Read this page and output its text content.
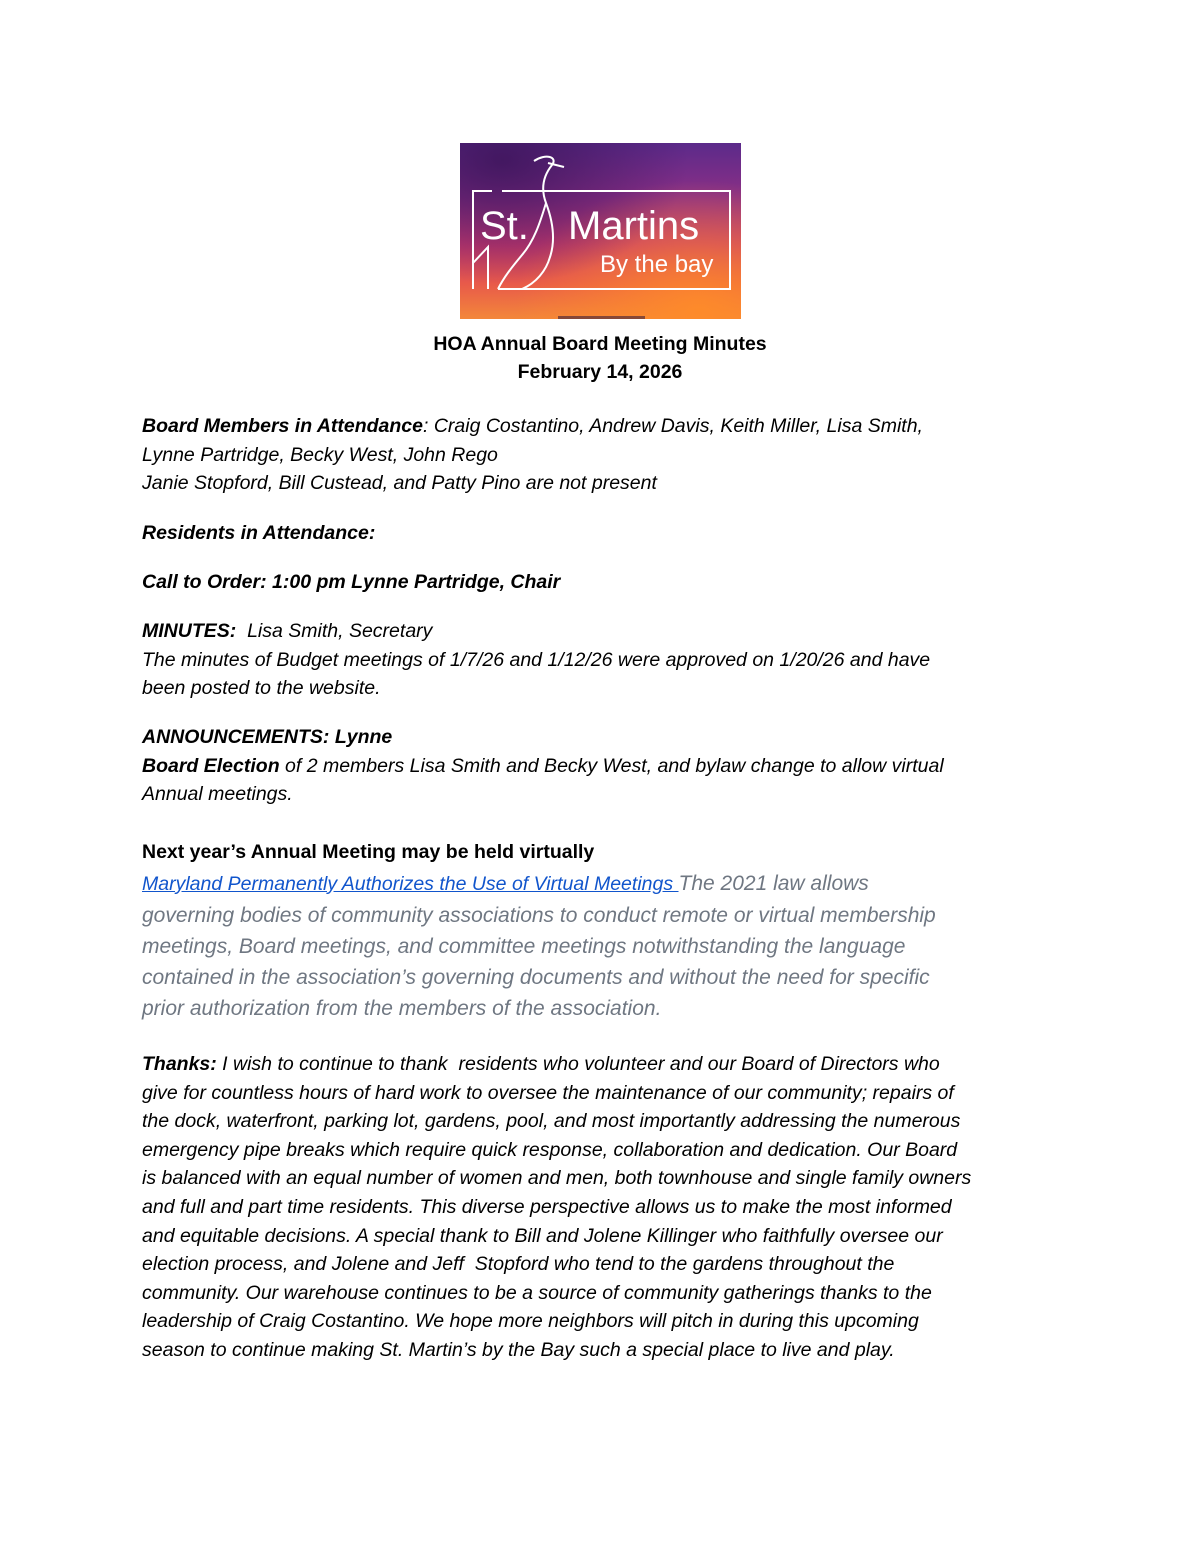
St. Martins
By the bay
HOA Annual Board Meeting Minutes
February 14, 2026

Board Members in Attendance: Craig Costantino, Andrew Davis, Keith Miller, Lisa Smith,

Lynne Partridge, Becky West, John Rego

Janie Stopford, Bill Custead, and Patty Pino are not present

Residents in Attendance:

Call to Order: 1:00 pm Lynne Partridge, Chair

MINUTES:  Lisa Smith, Secretary

The minutes of Budget meetings of 1/7/26 and 1/12/26 were approved on 1/20/26 and have

been posted to the website.

ANNOUNCEMENTS: Lynne

Board Election of 2 members Lisa Smith and Becky West, and bylaw change to allow virtual

Annual meetings.

Next year’s Annual Meeting may be held virtually

Maryland Permanently Authorizes the Use of Virtual Meetings The 2021 law allows

governing bodies of community associations to conduct remote or virtual membership

meetings, Board meetings, and committee meetings notwithstanding the language

contained in the association’s governing documents and without the need for specific

prior authorization from the members of the association.

Thanks: I wish to continue to thank  residents who volunteer and our Board of Directors who

give for countless hours of hard work to oversee the maintenance of our community; repairs of

the dock, waterfront, parking lot, gardens, pool, and most importantly addressing the numerous

emergency pipe breaks which require quick response, collaboration and dedication. Our Board

is balanced with an equal number of women and men, both townhouse and single family owners

and full and part time residents. This diverse perspective allows us to make the most informed

and equitable decisions. A special thank to Bill and Jolene Killinger who faithfully oversee our

election process, and Jolene and Jeff  Stopford who tend to the gardens throughout the

community. Our warehouse continues to be a source of community gatherings thanks to the

leadership of Craig Costantino. We hope more neighbors will pitch in during this upcoming

season to continue making St. Martin’s by the Bay such a special place to live and play.
